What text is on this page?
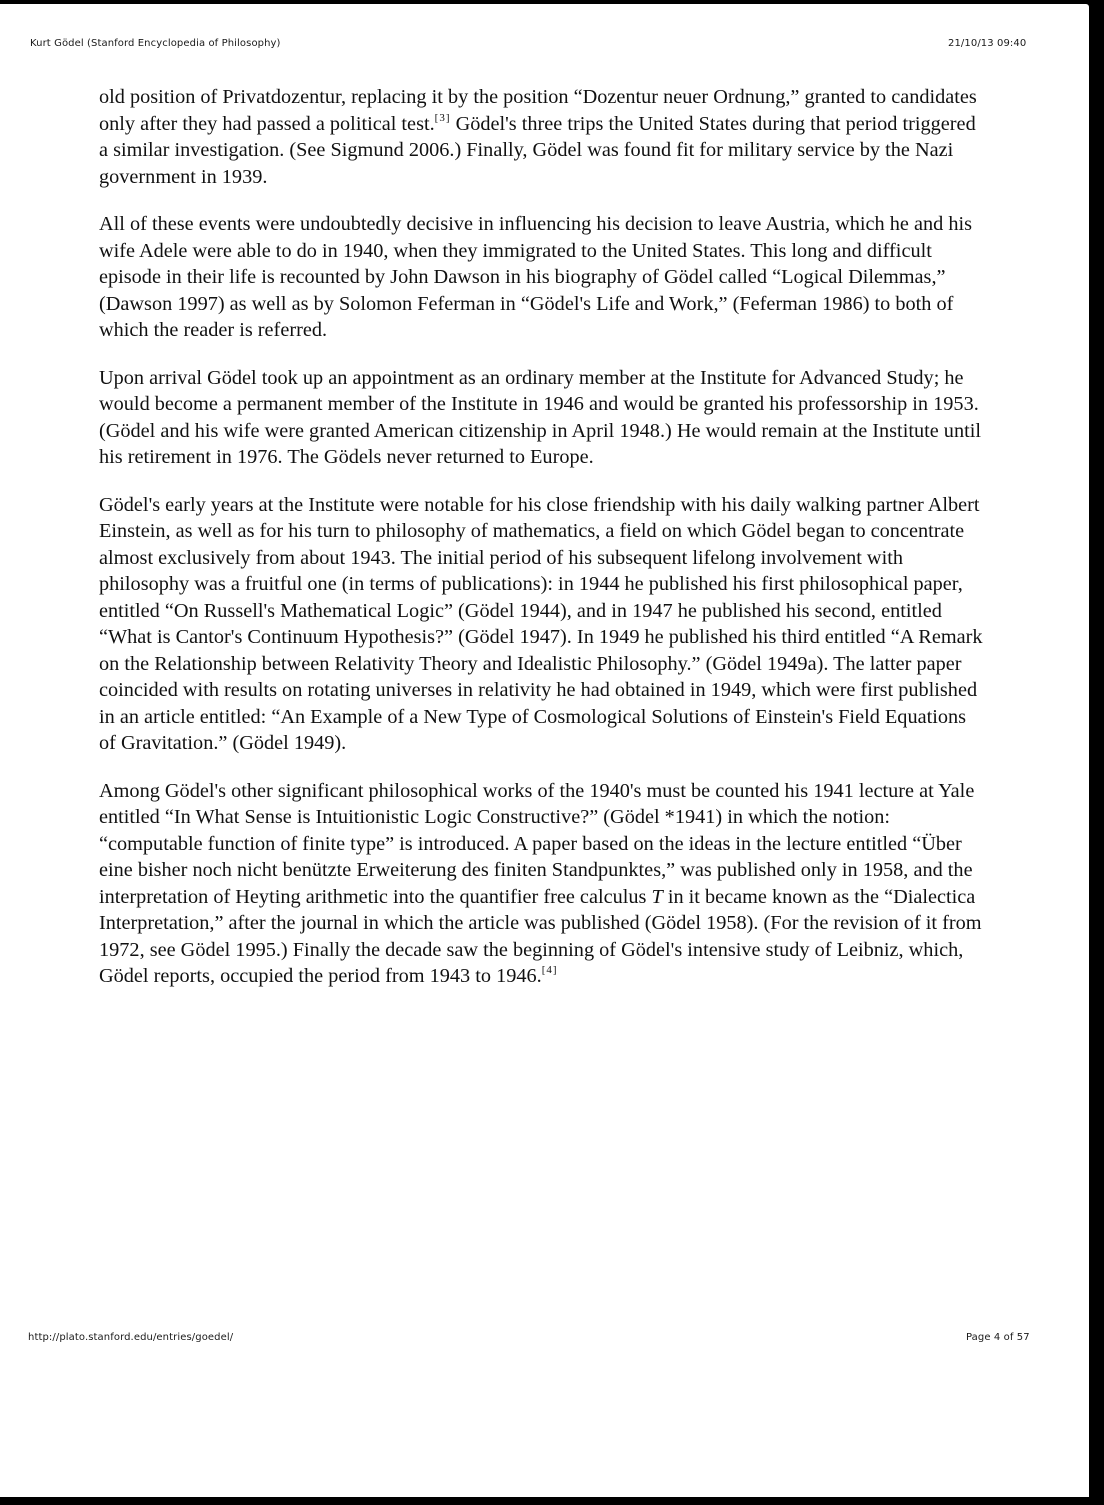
Kurt Gödel (Stanford Encyclopedia of Philosophy)	21/10/13 09:40

old position of Privatdozentur, replacing it by the position “Dozentur neuer Ordnung,” granted to candidates only after they had passed a political test.[3] Gödel's three trips the United States during that period triggered a similar investigation. (See Sigmund 2006.) Finally, Gödel was found fit for military service by the Nazi government in 1939.

All of these events were undoubtedly decisive in influencing his decision to leave Austria, which he and his wife Adele were able to do in 1940, when they immigrated to the United States. This long and difficult episode in their life is recounted by John Dawson in his biography of Gödel called “Logical Dilemmas,” (Dawson 1997) as well as by Solomon Feferman in “Gödel's Life and Work,” (Feferman 1986) to both of which the reader is referred.

Upon arrival Gödel took up an appointment as an ordinary member at the Institute for Advanced Study; he would become a permanent member of the Institute in 1946 and would be granted his professorship in 1953. (Gödel and his wife were granted American citizenship in April 1948.) He would remain at the Institute until his retirement in 1976. The Gödels never returned to Europe.

Gödel's early years at the Institute were notable for his close friendship with his daily walking partner Albert Einstein, as well as for his turn to philosophy of mathematics, a field on which Gödel began to concentrate almost exclusively from about 1943. The initial period of his subsequent lifelong involvement with philosophy was a fruitful one (in terms of publications): in 1944 he published his first philosophical paper, entitled “On Russell's Mathematical Logic” (Gödel 1944), and in 1947 he published his second, entitled “What is Cantor's Continuum Hypothesis?” (Gödel 1947). In 1949 he published his third entitled “A Remark on the Relationship between Relativity Theory and Idealistic Philosophy.” (Gödel 1949a). The latter paper coincided with results on rotating universes in relativity he had obtained in 1949, which were first published in an article entitled: “An Example of a New Type of Cosmological Solutions of Einstein's Field Equations of Gravitation.” (Gödel 1949).

Among Gödel's other significant philosophical works of the 1940's must be counted his 1941 lecture at Yale entitled “In What Sense is Intuitionistic Logic Constructive?” (Gödel *1941) in which the notion: “computable function of finite type” is introduced. A paper based on the ideas in the lecture entitled “Über eine bisher noch nicht benützte Erweiterung des finiten Standpunktes,” was published only in 1958, and the interpretation of Heyting arithmetic into the quantifier free calculus T in it became known as the “Dialectica Interpretation,” after the journal in which the article was published (Gödel 1958). (For the revision of it from 1972, see Gödel 1995.) Finally the decade saw the beginning of Gödel's intensive study of Leibniz, which, Gödel reports, occupied the period from 1943 to 1946.[4]

http://plato.stanford.edu/entries/goedel/	Page 4 of 57
